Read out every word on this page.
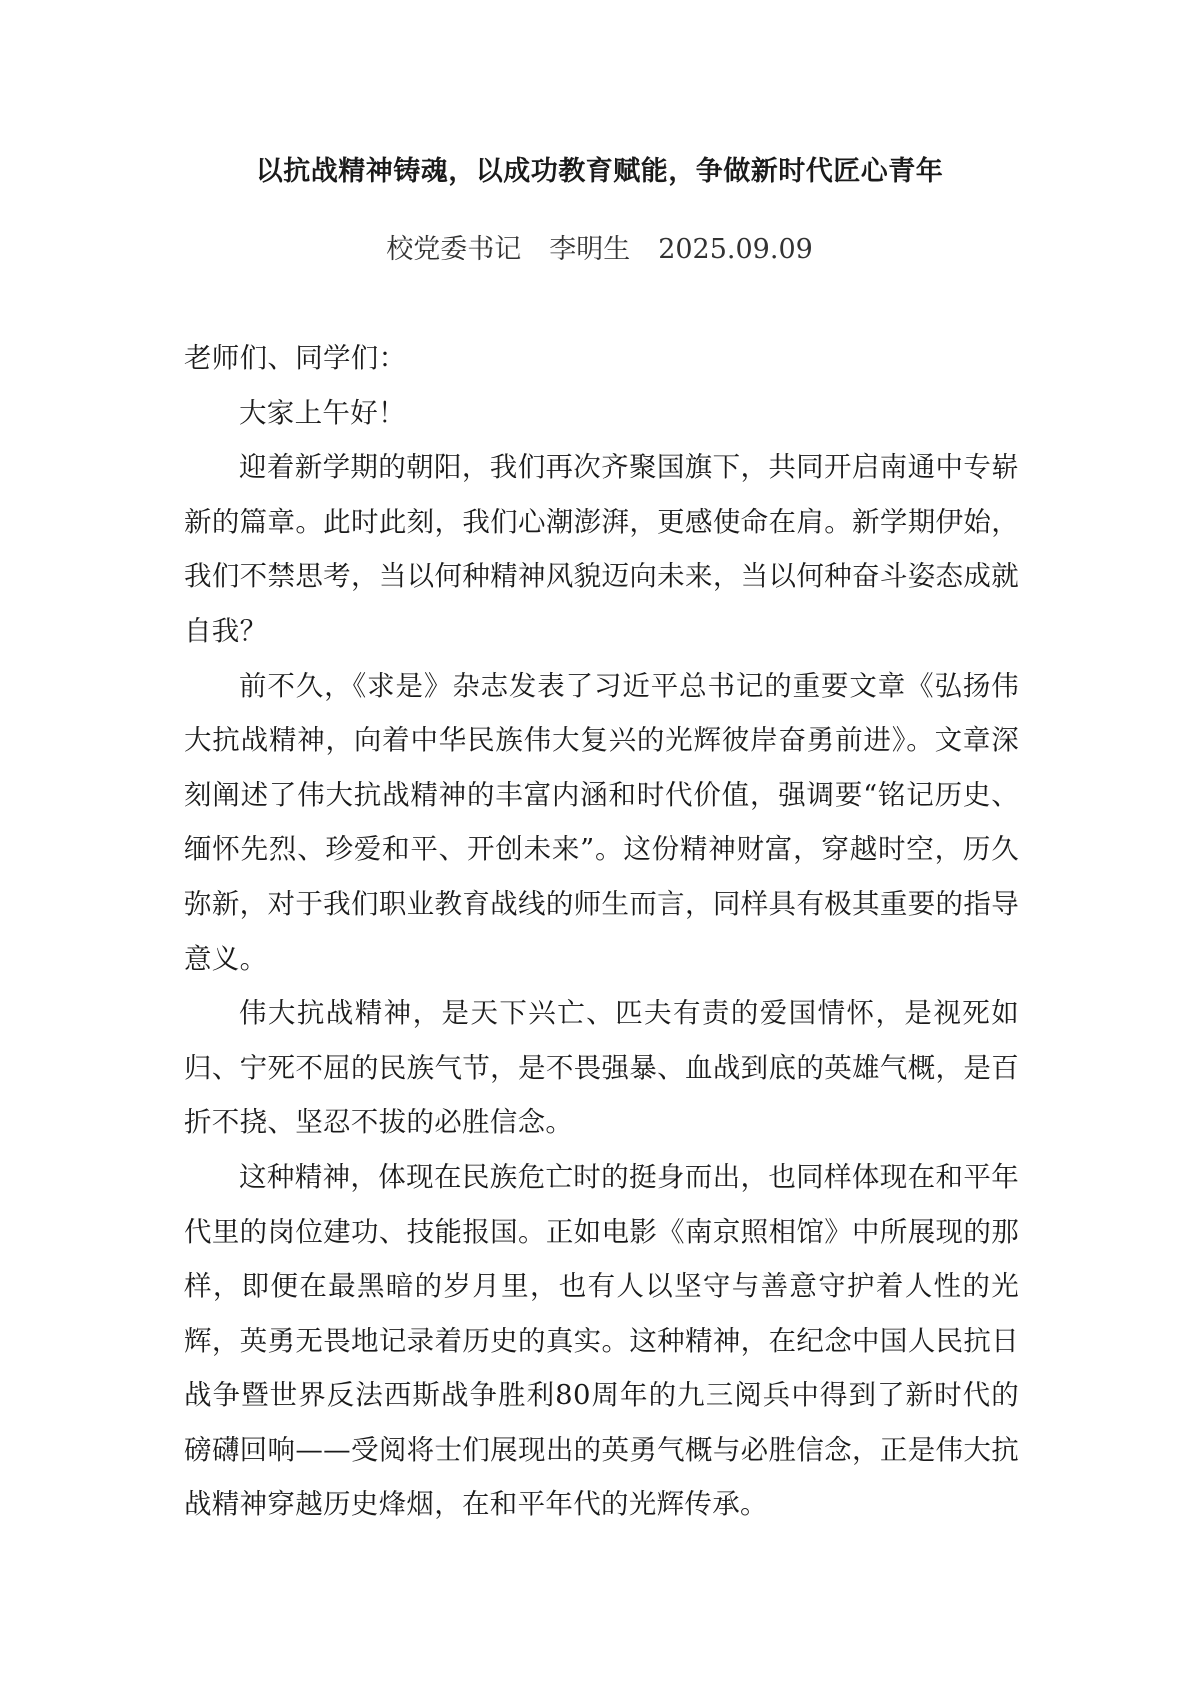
以抗战精神铸魂，以成功教育赋能，争做新时代匠心青年
校党委书记 李明生 2025.09.09

老师们、同学们：

大家上午好！

迎着新学期的朝阳，我们再次齐聚国旗下，共同开启南通中专崭新的篇章。此时此刻，我们心潮澎湃，更感使命在肩。新学期伊始，我们不禁思考，当以何种精神风貌迈向未来，当以何种奋斗姿态成就自我？

前不久，《求是》杂志发表了习近平总书记的重要文章《弘扬伟大抗战精神，向着中华民族伟大复兴的光辉彼岸奋勇前进》。文章深刻阐述了伟大抗战精神的丰富内涵和时代价值，强调要“铭记历史、缅怀先烈、珍爱和平、开创未来”。这份精神财富，穿越时空，历久弥新，对于我们职业教育战线的师生而言，同样具有极其重要的指导意义。

伟大抗战精神，是天下兴亡、匹夫有责的爱国情怀，是视死如归、宁死不屈的民族气节，是不畏强暴、血战到底的英雄气概，是百折不挠、坚忍不拔的必胜信念。

这种精神，体现在民族危亡时的挺身而出，也同样体现在和平年代里的岗位建功、技能报国。正如电影《南京照相馆》中所展现的那样，即便在最黑暗的岁月里，也有人以坚守与善意守护着人性的光辉，英勇无畏地记录着历史的真实。这种精神，在纪念中国人民抗日战争暨世界反法西斯战争胜利80周年的九三阅兵中得到了新时代的磅礴回响——受阅将士们展现出的英勇气概与必胜信念，正是伟大抗战精神穿越历史烽烟，在和平年代的光辉传承。
